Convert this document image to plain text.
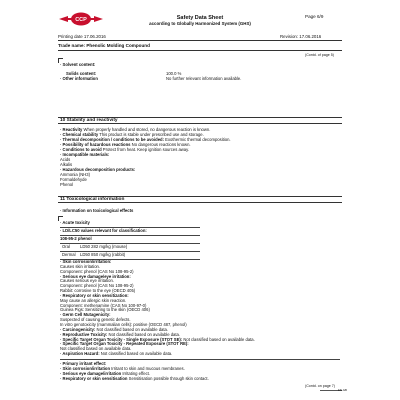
CCP	Safety Data Sheet
according to Globally Harmonized System (GHS)
Page 6/9
Printing date 17.06.2016	Revision: 17.06.2016
Trade name: Phenolic Molding Compound
(Contd. of page 5)
· Solvent content:
Solids content:	100.0 %
· Other information	No further relevant information available.
10 Stability and reactivity
· Reactivity When properly handled and stored, no dangerous reaction is known.
· Chemical stability This product is stable under prescribed use and storage.
· Thermal decomposition / conditions to be avoided: Exothermic thermal decomposition.
· Possibility of hazardous reactions No dangerous reactions known.
· Conditions to avoid Protect from heat. Keep ignition sources away.
· Incompatible materials:
Acids
Alkalis
· Hazardous decomposition products:
Ammonia (NH3)
Formaldehyde
Phenol
11 Toxicological information
· Information on toxicological effects
· Acute toxicity
· LD/LC50 values relevant for classification:
108-95-2 phenol
Oral LD50 282 mg/kg (mouse)
Dermal LD50 850 mg/kg (rabbit)
· Skin corrosion/irritation:
Causes skin irritation.
Component: phenol (CAS No 108-95-2)
· Serious eye damage/eye irritation:
Causes serious eye irritation.
Component: phenol (CAS No 108-95-2)
Rabbit: corrosive to the eye (OECD 405)
· Respiratory or skin sensitization:
May cause an allergic skin reaction.
Component: methenamine (CAS No 100-97-0)
Guinea Pigs: Sensitizing to the skin (OECD 406)
· Germ Cell Mutagenicity:
Suspected of causing genetic defects.
In vitro genotoxicity (mammalian cells): positive (OECD 487, phenol)
· Carcinogenicity: Not classified based on available data.
· Reproductive Toxicity: Not classified based on available data.
· Specific Target Organ Toxicity - Single Exposure (STOT SE): Not classified based on available data.
· Specific Target Organ Toxicity - Repeated Exposure (STOT RE):
Not classified based on available data.
· Aspiration Hazard: Not classified based on available data.
· Primary irritant effect:
· Skin corrosion/irritation Irritant to skin and mucous membranes.
· Serious eye damage/irritation Irritating effect.
· Respiratory or skin sensitisation Sensitisation possible through skin contact.
(Contd. on page 7)
EN-GB
